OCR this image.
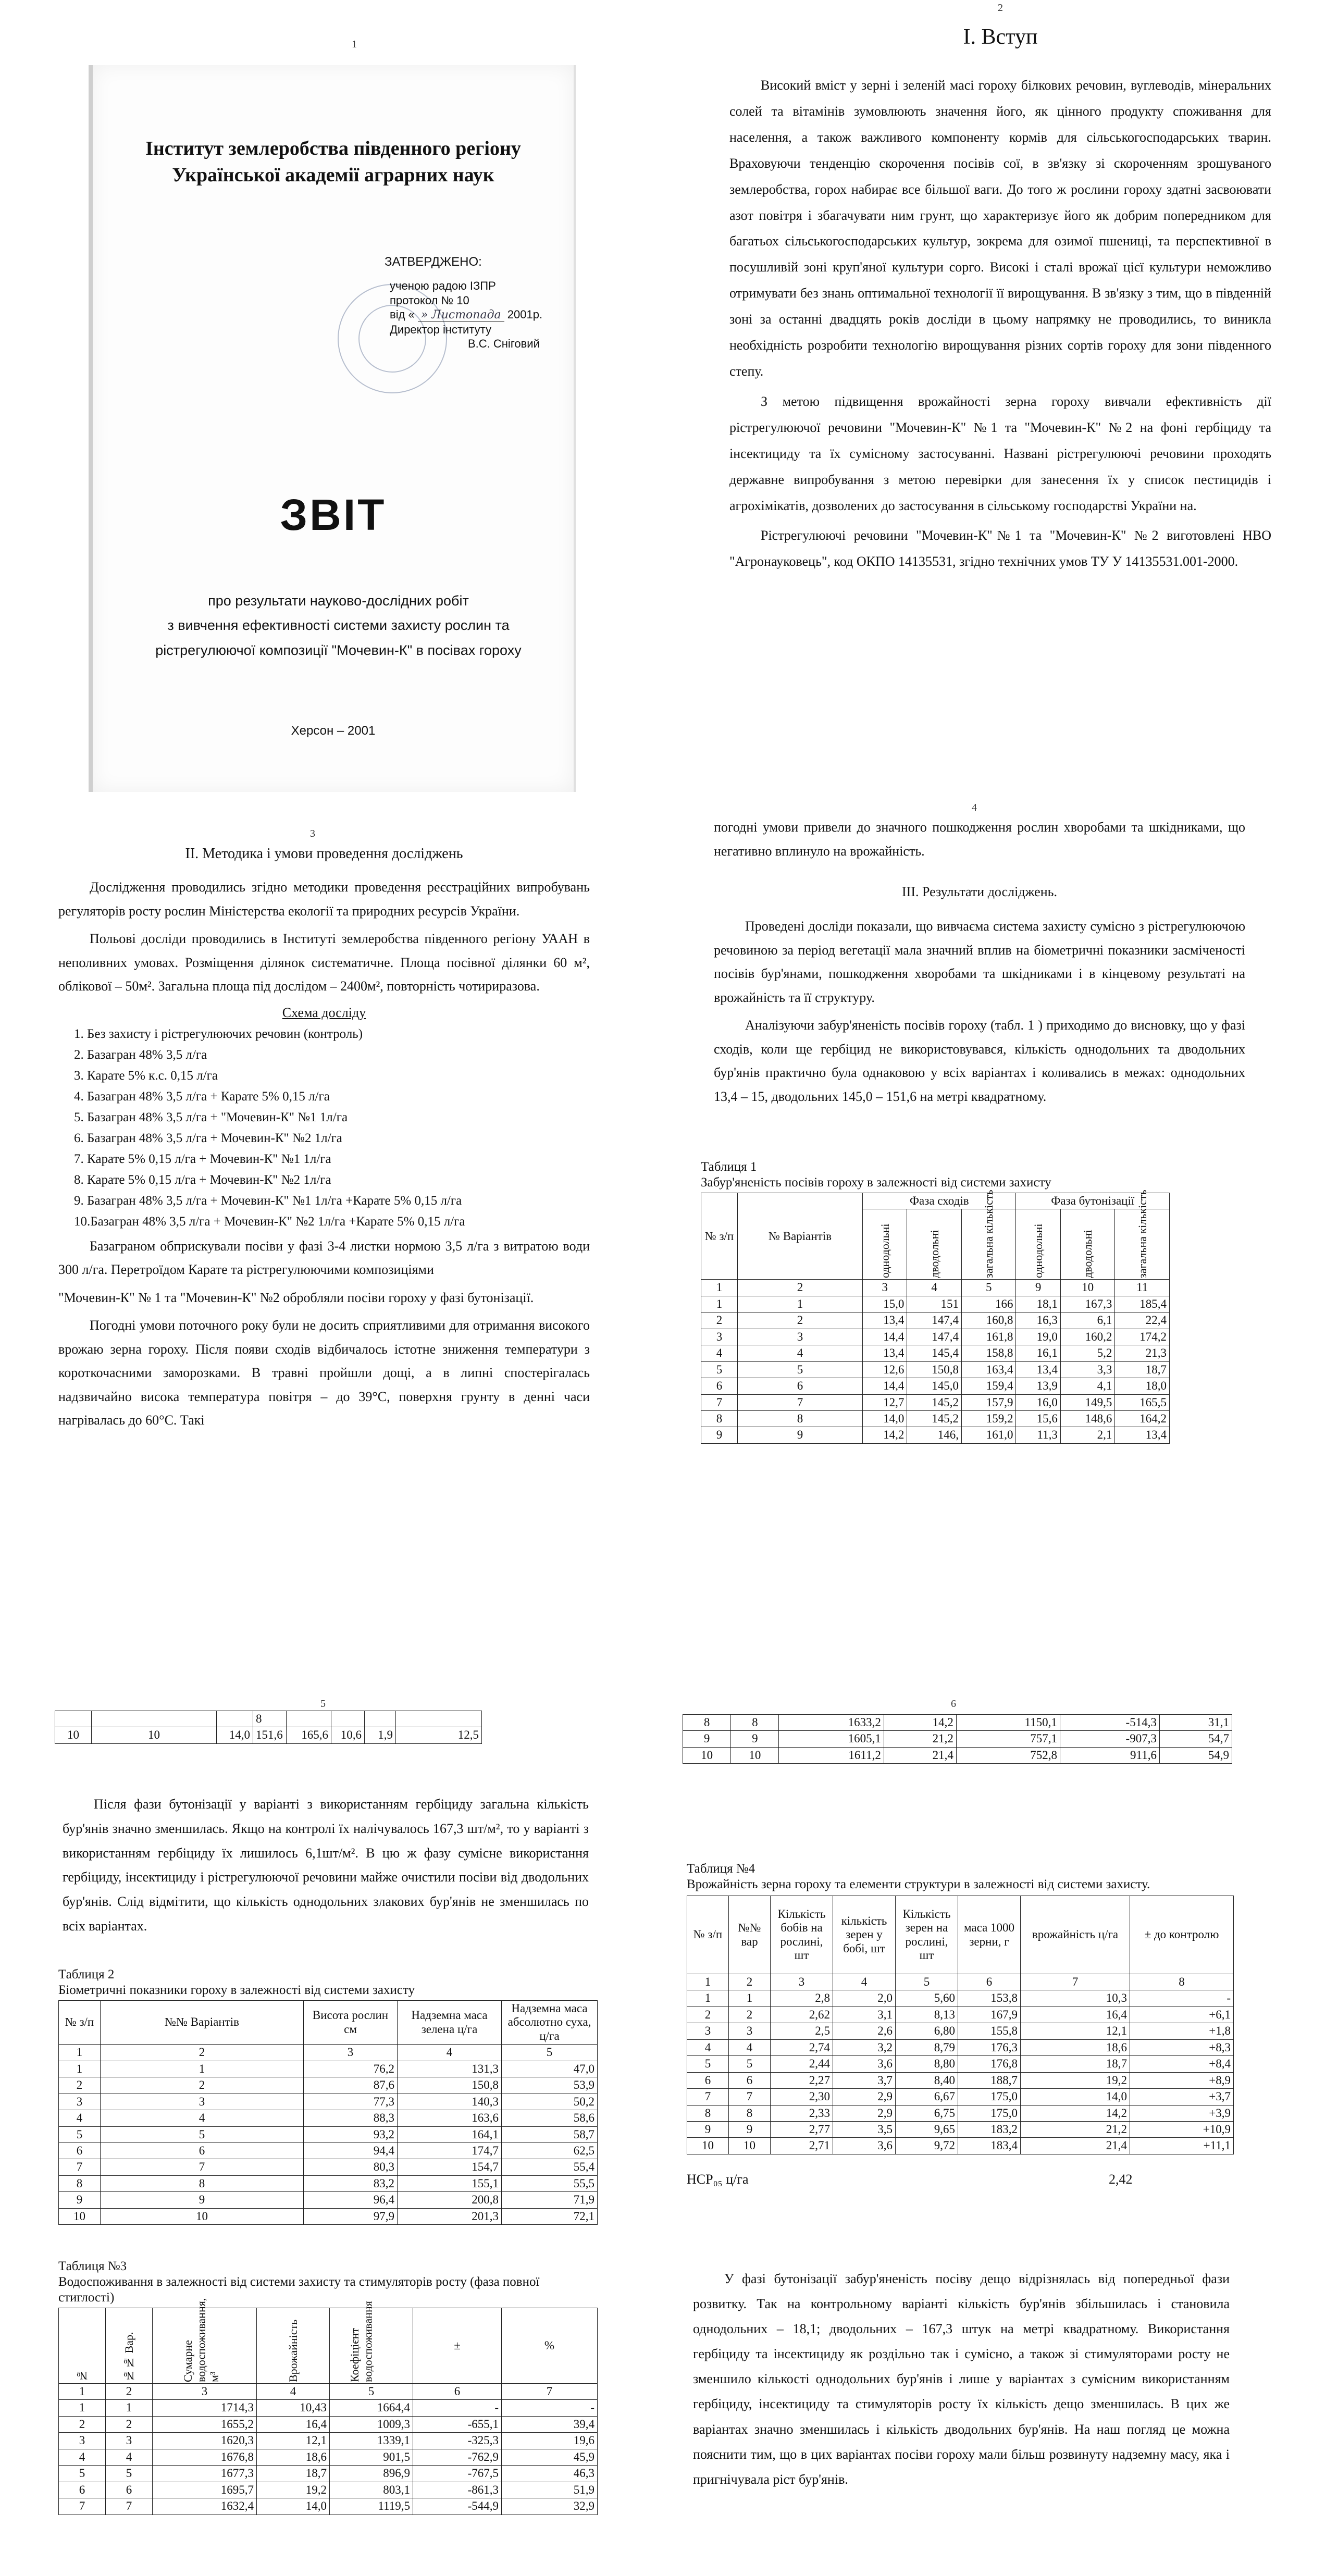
1
Інститут землеробства південного регіону
Української академії аграрних наук
ЗАТВЕРДЖЕНО:
ученою радою ІЗПР
протокол № 10
від « » Листопада 2001р.
Директор інституту
В.С. Сніговий
ЗВІТ
про результати науково-дослідних робіт
з вивчення ефективності системи захисту рослин та
рістрегулюючої композиції "Мочевин-К" в посівах гороху
Херсон – 2001
2
І. Вступ

Високий вміст у зерні і зеленій масі гороху білкових речовин, вуглеводів, мінеральних солей та вітамінів зумовлюють значення його, як цінного продукту споживання для населення, а також важливого компоненту кормів для сільськогосподарських тварин. Враховуючи тенденцію скорочення посівів сої, в зв'язку зі скороченням зрошуваного землеробства, горох набирає все більшої ваги. До того ж рослини гороху здатні засвоювати азот повітря і збагачувати ним грунт, що характеризує його як добрим попередником для багатьох сільськогосподарських культур, зокрема для озимої пшениці, та перспективної в посушливій зоні круп'яної культури сорго. Високі і сталі врожаї цієї культури неможливо отримувати без знань оптимальної технології її вирощування. В зв'язку з тим, що в південній зоні за останні двадцять років досліди в цьому напрямку не проводились, то виникла необхідність розробити технологію вирощування різних сортів гороху для зони південного степу.

З метою підвищення врожайності зерна гороху вивчали ефективність дії рістрегулюючої речовини "Мочевин-К" №1 та "Мочевин-К" №2 на фоні гербіциду та інсектициду та їх сумісному застосуванні. Названі рістрегулюючі речовини проходять державне випробування з метою перевірки для занесення їх у список пестицидів і агрохімікатів, дозволених до застосування в сільському господарстві України на.

Рістрегулюючі речовини "Мочевин-К"№1 та "Мочевин-К" №2 виготовлені НВО "Агронауковець", код ОКПО 14135531, згідно технічних умов ТУ У 14135531.001-2000.

3
ІІ. Методика і умови проведення досліджень

Дослідження проводились згідно методики проведення реєстраційних випробувань регуляторів росту рослин Міністерства екології та природних ресурсів України.

Польові досліди проводились в Інституті землеробства південного регіону УААН в неполивних умовах. Розміщення ділянок систематичне. Площа посівної ділянки 60 м², облікової – 50м². Загальна площа під дослідом – 2400м², повторність чотириразова.

Схема досліду
1. Без захисту і рістрегулюючих речовин (контроль)
2. Базагран 48% 3,5 л/га
3. Карате 5% к.с. 0,15 л/га
4. Базагран 48% 3,5 л/га + Карате 5% 0,15 л/га
5. Базагран 48% 3,5 л/га + "Мочевин-К" №1 1л/га
6. Базагран 48% 3,5 л/га + Мочевин-К" №2 1л/га
7. Карате 5% 0,15 л/га + Мочевин-К" №1 1л/га
8. Карате 5% 0,15 л/га + Мочевин-К" №2 1л/га
9. Базагран 48% 3,5 л/га + Мочевин-К" №1 1л/га +Карате 5% 0,15 л/га
10.Базагран 48% 3,5 л/га + Мочевин-К" №2 1л/га +Карате 5% 0,15 л/га

Базаграном обприскували посіви у фазі 3-4 листки нормою 3,5 л/га з витратою води 300 л/га. Перетроїдом Карате та рістрегулюючими композиціями

"Мочевин-К" № 1 та "Мочевин-К" №2 обробляли посіви гороху у фазі бутонізації.

Погодні умови поточного року були не досить сприятливими для отримання високого врожаю зерна гороху. Після появи сходів відбичалось істотне зниження температури з короткочасними заморозками. В травні пройшли дощі, а в липні спостерігалась надзвичайно висока температура повітря – до 39°С, поверхня грунту в денні часи нагрівалась до 60°С. Такі

4

погодні умови привели до значного пошкодження рослин хворобами та шкідниками, що негативно вплинуло на врожайність.

ІІІ. Результати досліджень.

Проведені досліди показали, що вивчаєма система захисту сумісно з рістрегулюючою речовиною за період вегетації мала значний вплив на біометричні показники засміченості посівів бур'янами, пошкодження хворобами та шкідниками і в кінцевому результаті на врожайність та її структуру.

Аналізуючи забур'яненість посівів гороху (табл. 1 ) приходимо до висновку, що у фазі сходів, коли ще гербіцид не використовувався, кількість однодольних та дводольних бур'янів практично була однаковою у всіх варіантах і коливались в межах: однодольних 13,4 – 15, дводольних 145,0 – 151,6 на метрі квадратному.

Таблиця 1
Забур'яненість посівів гороху в залежності від системи захисту
№ з/п	№ Варіантів	Фаза сходів			Фаза бутонізації		

		однодольні	дводольні	загальна кількість	однодольні	дводольні	загальна кількість

1	2	3	4	5	9	10	11
1	1	15,0	151	166	18,1	167,3	185,4
2	2	13,4	147,4	160,8	16,3	6,1	22,4
3	3	14,4	147,4	161,8	19,0	160,2	174,2
4	4	13,4	145,4	158,8	16,1	5,2	21,3
5	5	12,6	150,8	163,4	13,4	3,3	18,7
6	6	14,4	145,0	159,4	13,9	4,1	18,0
7	7	12,7	145,2	157,9	16,0	149,5	165,5
8	8	14,0	145,2	159,2	15,6	148,6	164,2
9	9	14,2	146,	161,0	11,3	2,1	13,4
5
			8				
10	10	14,0	151,6	165,6	10,6	1,9	12,5

Після фази бутонізації у варіанті з використанням гербіциду загальна кількість бур'янів значно зменшилась. Якщо на контролі їх налічувалось 167,3 шт/м², то у варіанті з використанням гербіциду їх лишилось 6,1шт/м². В цю ж фазу сумісне використання гербіциду, інсектициду і рістрегулюючої речовини майже очистили посіви від дводольних бур'янів. Слід відмітити, що кількість однодольних злакових бур'янів не зменшилась по всіх варіантах.

Таблиця 2
Біометричні показники гороху в залежності від системи захисту
№ з/п	№№ Варіантів	Висота рослин см	Надземна маса зелена ц/га	Надземна маса абсолютно суха, ц/га
1	2	3	4	5
1	1	76,2	131,3	47,0
2	2	87,6	150,8	53,9
3	3	77,3	140,3	50,2
4	4	88,3	163,6	58,6
5	5	93,2	164,1	58,7
6	6	94,4	174,7	62,5
7	7	80,3	154,7	55,4
8	8	83,2	155,1	55,5
9	9	96,4	200,8	71,9
10	10	97,9	201,3	72,1
Таблиця №3
Водоспоживання в залежності від системи захисту та стимуляторів росту (фаза повної стиглості)
№	№№ Вар.	Сумарне водоспоживання, м³	Врожайність	Коефіцієнт водоспоживання	±	%
1	2	3	4	5	6	7
1	1	1714,3	10,43	1664,4	-	-
2	2	1655,2	16,4	1009,3	-655,1	39,4
3	3	1620,3	12,1	1339,1	-325,3	19,6
4	4	1676,8	18,6	901,5	-762,9	45,9
5	5	1677,3	18,7	896,9	-767,5	46,3
6	6	1695,7	19,2	803,1	-861,3	51,9
7	7	1632,4	14,0	1119,5	-544,9	32,9
6
8	8	1633,2	14,2	1150,1	-514,3	31,1
9	9	1605,1	21,2	757,1	-907,3	54,7
10	10	1611,2	21,4	752,8	911,6	54,9
Таблиця №4
Врожайність зерна гороху та елементи структури в залежності від системи захисту.
№ з/п	№№ вар	Кількість бобів на рослині, шт	кількість зерен у бобі, шт	Кількість зерен на рослині, шт	маса 1000 зерни, г	врожайність ц/га	± до контролю
1	2	3	4	5	6	7	8
1	1	2,8	2,0	5,60	153,8	10,3	-
2	2	2,62	3,1	8,13	167,9	16,4	+6,1
3	3	2,5	2,6	6,80	155,8	12,1	+1,8
4	4	2,74	3,2	8,79	176,3	18,6	+8,3
5	5	2,44	3,6	8,80	176,8	18,7	+8,4
6	6	2,27	3,7	8,40	188,7	19,2	+8,9
7	7	2,30	2,9	6,67	175,0	14,0	+3,7
8	8	2,33	2,9	6,75	175,0	14,2	+3,9
9	9	2,77	3,5	9,65	183,2	21,2	+10,9
10	10	2,71	3,6	9,72	183,4	21,4	+11,1
НСР₀₅ ц/га	2,42

У фазі бутонізації забур'яненість посіву дещо відрізнялась від попередньої фази розвитку. Так на контрольному варіанті кількість бур'янів збільшилась і становила однодольних – 18,1; дводольних – 167,3 штук на метрі квадратному. Використання гербіциду та інсектициду як роздільно так і сумісно, а також зі стимуляторами росту не зменшило кількості однодольних бур'янів і лише у варіантах з сумісним використанням гербіциду, інсектициду та стимуляторів росту їх кількість дещо зменшилась. В цих же варіантах значно зменшилась і кількість дводольних бур'янів. На наш погляд це можна пояснити тим, що в цих варіантах посіви гороху мали більш розвинуту надземну масу, яка і пригнічувала ріст бур'янів.
